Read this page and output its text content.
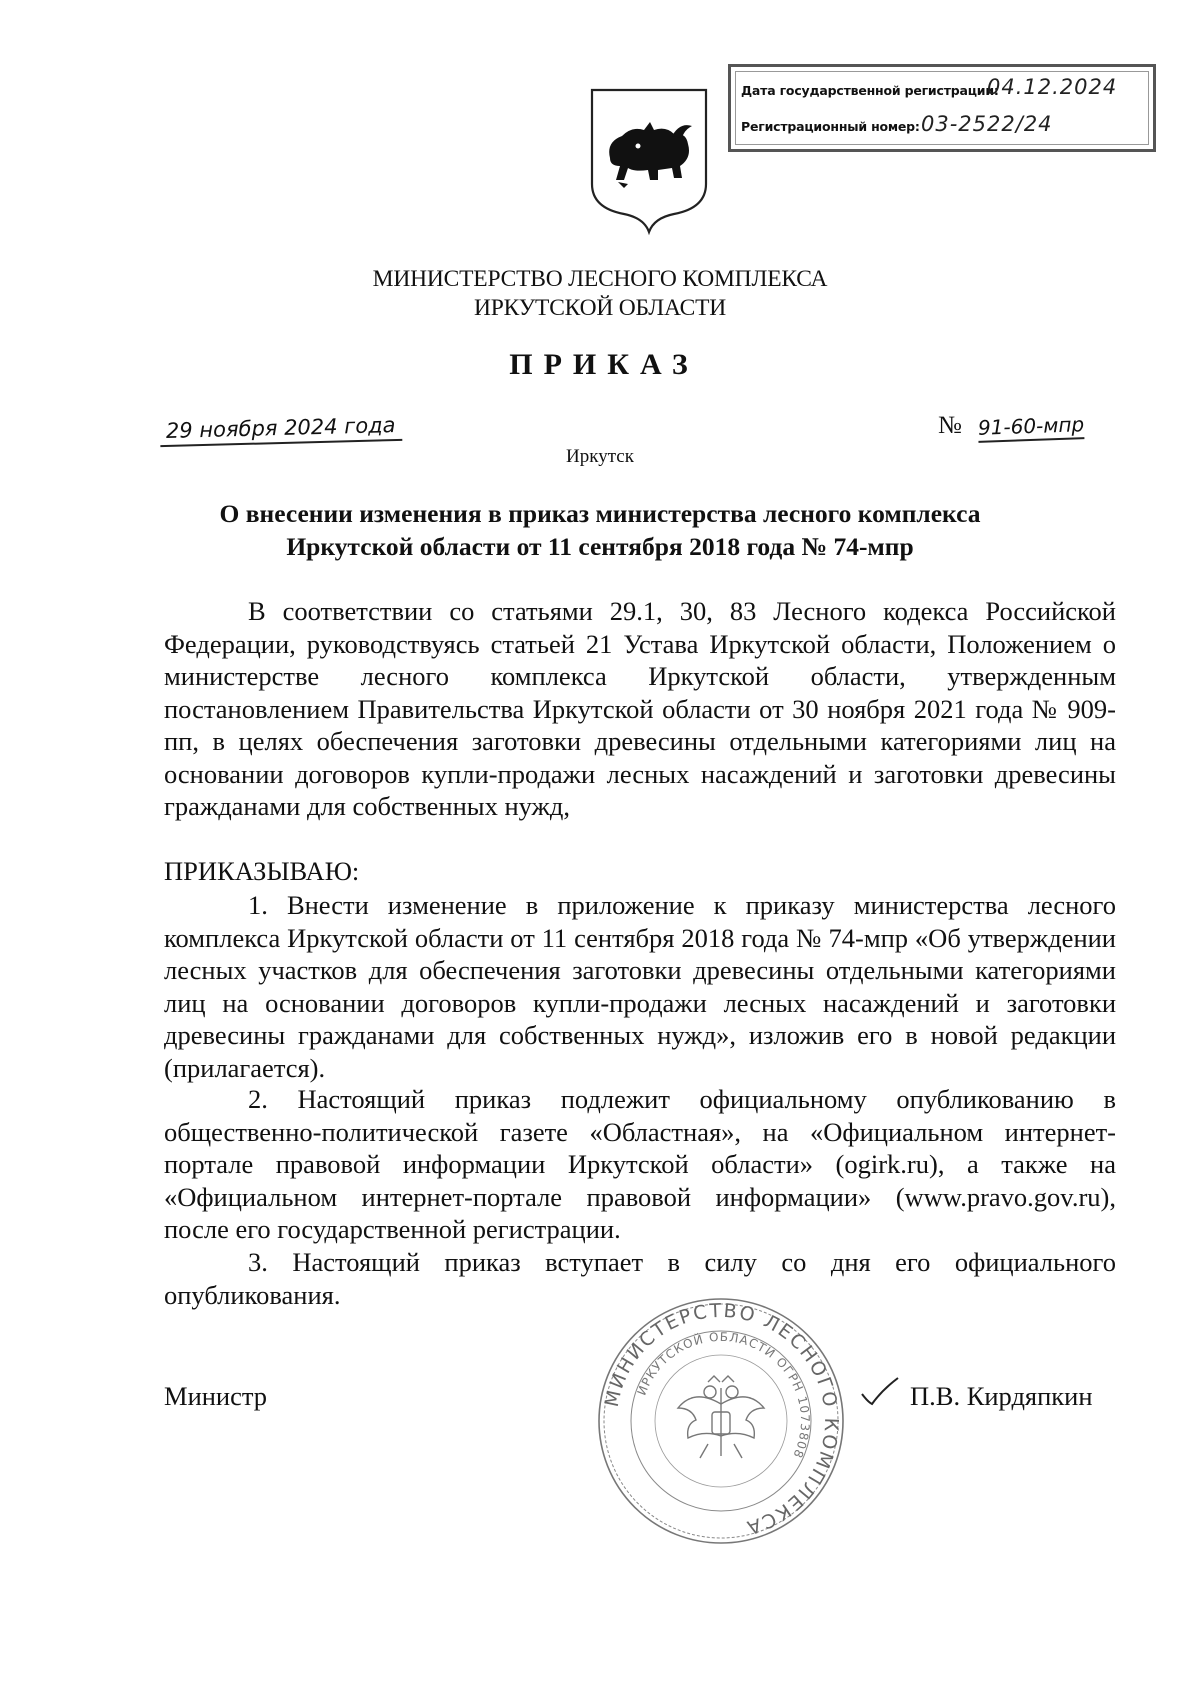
Дата государственной регистрации:
04.12.2024
Регистрационный номер: 03-2522/24
МИНИСТЕРСТВО ЛЕСНОГО КОМПЛЕКСА
ИРКУТСКОЙ ОБЛАСТИ
ПРИКАЗ
29 ноября 2024 года	№ 91-60-мпр
Иркутск
О внесении изменения в приказ министерства лесного комплекса
Иркутской области от 11 сентября 2018 года № 74-мпр
В соответствии со статьями 29.1, 30, 83 Лесного кодекса Российской Федерации, руководствуясь статьей 21 Устава Иркутской области, Положением о министерстве лесного комплекса Иркутской области, утвержденным постановлением Правительства Иркутской области от 30 ноября 2021 года № 909-пп, в целях обеспечения заготовки древесины отдельными категориями лиц на основании договоров купли-продажи лесных насаждений и заготовки древесины гражданами для собственных нужд,
ПРИКАЗЫВАЮ:
1. Внести изменение в приложение к приказу министерства лесного комплекса Иркутской области от 11 сентября 2018 года № 74-мпр «Об утверждении лесных участков для обеспечения заготовки древесины отдельными категориями лиц на основании договоров купли-продажи лесных насаждений и заготовки древесины гражданами для собственных нужд», изложив его в новой редакции (прилагается).
2. Настоящий приказ подлежит официальному опубликованию в общественно-политической газете «Областная», на «Официальном интернет-портале правовой информации Иркутской области» (ogirk.ru), а также на «Официальном интернет-портале правовой информации» (www.pravo.gov.ru), после его государственной регистрации.
3. Настоящий приказ вступает в силу со дня его официального опубликования.
Министр	МИНИСТЕРСТВО ЛЕСНОГО КОМПЛЕКСА
ИРКУТСКОЙ ОБЛАСТИ ОГРН 1073808
П.В. Кирдяпкин
